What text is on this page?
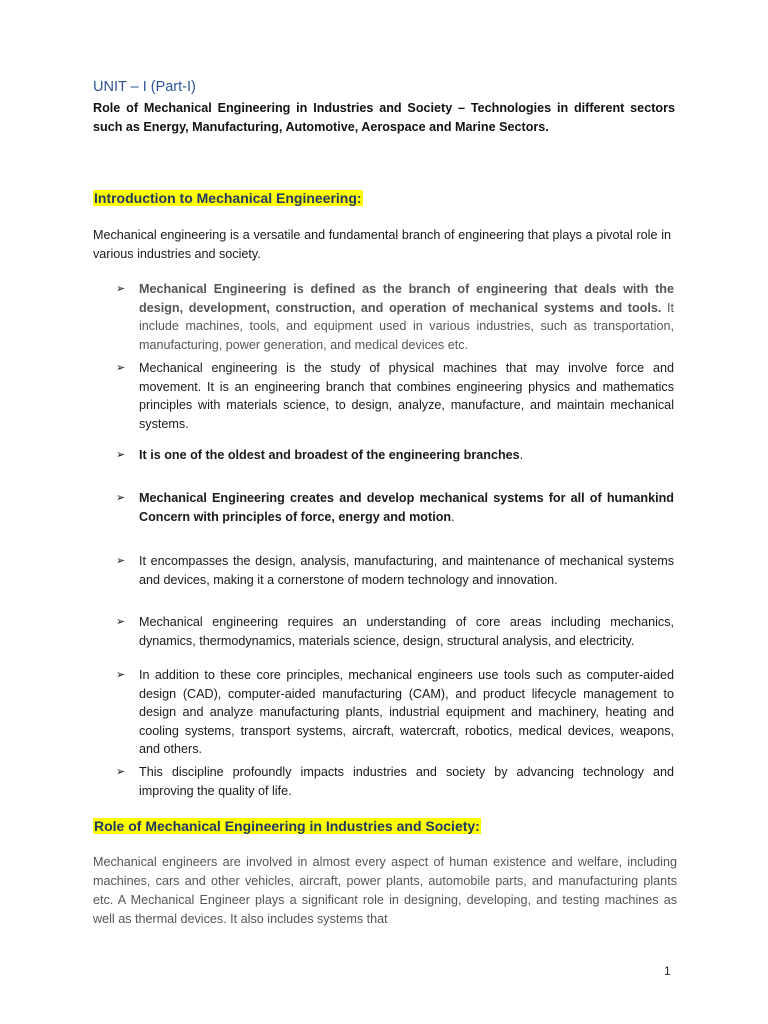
UNIT – I (Part-I)

Role of Mechanical Engineering in Industries and Society – Technologies in different sectors such as Energy, Manufacturing, Automotive, Aerospace and Marine Sectors.

Introduction to Mechanical Engineering:

Mechanical engineering is a versatile and fundamental branch of engineering that plays a pivotal role in various industries and society.

➢	Mechanical Engineering is defined as the branch of engineering that deals with the design, development, construction, and operation of mechanical systems and tools. It include machines, tools, and equipment used in various industries, such as transportation, manufacturing, power generation, and medical devices etc.
➢	Mechanical engineering is the study of physical machines that may involve force and movement. It is an engineering branch that combines engineering physics and mathematics principles with materials science, to design, analyze, manufacture, and maintain mechanical systems.
➢	It is one of the oldest and broadest of the engineering branches.
➢	Mechanical Engineering creates and develop mechanical systems for all of humankind Concern with principles of force, energy and motion.
➢	It encompasses the design, analysis, manufacturing, and maintenance of mechanical systems and devices, making it a cornerstone of modern technology and innovation.
➢	Mechanical engineering requires an understanding of core areas including mechanics, dynamics, thermodynamics, materials science, design, structural analysis, and electricity.
➢	In addition to these core principles, mechanical engineers use tools such as computer-aided design (CAD), computer-aided manufacturing (CAM), and product lifecycle management to design and analyze manufacturing plants, industrial equipment and machinery, heating and cooling systems, transport systems, aircraft, watercraft, robotics, medical devices, weapons, and others.
➢	This discipline profoundly impacts industries and society by advancing technology and improving the quality of life.
Role of Mechanical Engineering in Industries and Society:

Mechanical engineers are involved in almost every aspect of human existence and welfare, including machines, cars and other vehicles, aircraft, power plants, automobile parts, and manufacturing plants etc. A Mechanical Engineer plays a significant role in designing, developing, and testing machines as well as thermal devices. It also includes systems that

1
